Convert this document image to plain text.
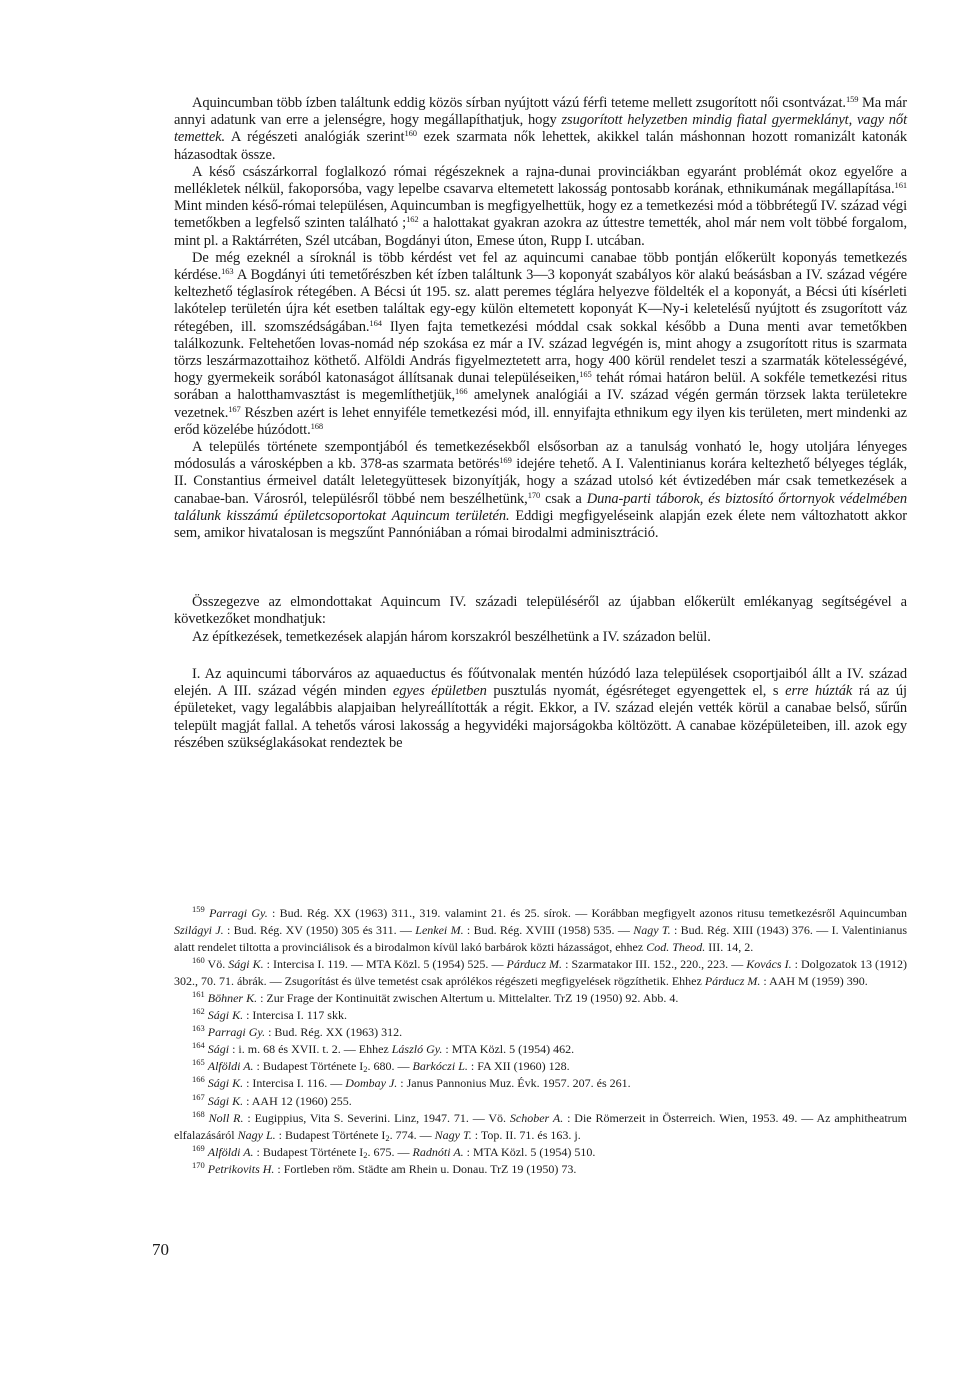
Aquincumban több ízben találtunk eddig közös sírban nyújtott vázú férfi teteme mellett zsugorított női csontvázat.$^{159}$ Ma már annyi adatunk van erre a jelenségre, hogy megállapíthatjuk, hogy zsugorított helyzetben mindig fiatal gyermeklányt, vagy nőt temettek. A régészeti analógiák szerint$^{160}$ ezek szarmata nők lehettek, akikkel talán máshonnan hozott romanizált katonák házasodtak össze.

A késő császárkorral foglalkozó római régészeknek a rajna-dunai provinciákban egyaránt problémát okoz egyelőre a mellékletek nélkül, fakoporsóba, vagy lepelbe csavarva eltemetett lakosság pontosabb korának, ethnikumának megállapítása.$^{161}$ Mint minden késő-római településen, Aquincumban is megfigyelhettük, hogy ez a temetkezési mód a többrétegű IV. század végi temetőkben a legfelső szinten található ;$^{162}$ a halottakat gyakran azokra az úttestre temették, ahol már nem volt többé forgalom, mint pl. a Raktárréten, Szél utcában, Bogdányi úton, Emese úton, Rupp I. utcában.

De még ezeknél a síroknál is több kérdést vet fel az aquincumi canabae több pontján előkerült koponyás temetkezés kérdése.$^{163}$ A Bogdányi úti temetőrészben két ízben találtunk 3—3 koponyát szabályos kör alakú beásásban a IV. század végére keltezhető téglasírok rétegében. A Bécsi út 195. sz. alatt peremes téglára helyezve földelték el a koponyát, a Bécsi úti kísérleti lakótelep területén újra két esetben találtak egy-egy külön eltemetett koponyát K—Ny-i keletelésű nyújtott és zsugorított váz rétegében, ill. szomszédságában.$^{164}$ Ilyen fajta temetkezési móddal csak sokkal később a Duna menti avar temetőkben találkozunk. Feltehetően lovas-nomád nép szokása ez már a IV. század legvégén is, mint ahogy a zsugorított ritus is szarmata törzs leszármazottaihoz köthető. Alföldi András figyelmeztetett arra, hogy 400 körül rendelet teszi a szarmaták kötelességévé, hogy gyermekeik sorából katonaságot állítsanak dunai településeiken,$^{165}$ tehát római határon belül. A sokféle temetkezési ritus sorában a halotthamvasztást is megemlíthetjük,$^{166}$ amelynek analógiái a IV. század végén germán törzsek lakta területekre vezetnek.$^{167}$ Részben azért is lehet ennyiféle temetkezési mód, ill. ennyifajta ethnikum egy ilyen kis területen, mert mindenki az erőd közelébe húzódott.$^{168}$

A település története szempontjából és temetkezésekből elsősorban az a tanulság vonható le, hogy utoljára lényeges módosulás a városképben a kb. 378-as szarmata betörés$^{169}$ idejére tehető. A I. Valentinianus korára keltezhető bélyeges téglák, II. Constantius érmeivel datált leletegyüttesek bizonyítják, hogy a század utolsó két évtizedében már csak temetkezések a canabae-ban. Városról, településről többé nem beszélhetünk,$^{170}$ csak a Duna-parti táborok, és biztosító őrtornyok védelmében találunk kisszámú épületcsoportokat Aquincum területén. Eddigi megfigyeléseink alapján ezek élete nem változhatott akkor sem, amikor hivatalosan is megszűnt Pannóniában a római birodalmi adminisztráció.

Összegezve az elmondottakat Aquincum IV. századi településéről az újabban előkerült emlékanyag segítségével a következőket mondhatjuk:

Az építkezések, temetkezések alapján három korszakról beszélhetünk a IV. századon belül.

I. Az aquincumi táborváros az aquaeductus és főútvonalak mentén húzódó laza települések csoportjaiból állt a IV. század elején. A III. század végén minden egyes épületben pusztulás nyomát, égésréteget egyengettek el, s erre húzták rá az új épületeket, vagy legalábbis alapjaiban helyreállították a régit. Ekkor, a IV. század elején vették körül a canabae belső, sűrűn települt magját fallal. A tehetős városi lakosság a hegyvidéki majorságokba költözött. A canabae középületeiben, ill. azok egy részében szükséglakásokat rendeztek be

$^{159}$ Parragi Gy. : Bud. Rég. XX (1963) 311., 319. valamint 21. és 25. sírok. — Korábban megfigyelt azonos ritusu temetkezésről Aquincumban Szilágyi J. : Bud. Rég. XV (1950) 305 és 311. — Lenkei M. : Bud. Rég. XVIII (1958) 535. — Nagy T. : Bud. Rég. XIII (1943) 376. — I. Valentinianus alatt rendelet tiltotta a provinciálisok és a birodalmon kívül lakó barbárok közti házasságot, ehhez Cod. Theod. III. 14, 2.

$^{160}$ Vö. Sági K. : Intercisa I. 119. — MTA Közl. 5 (1954) 525. — Párducz M. : Szarmatakor III. 152., 220., 223. — Kovács I. : Dolgozatok 13 (1912) 302., 70. 71. ábrák. — Zsugorítást és ülve temetést csak aprólékos régészeti megfigyelések rögzíthetik. Ehhez Párducz M. : AAH M (1959) 390.

$^{161}$ Böhner K. : Zur Frage der Kontinuität zwischen Altertum u. Mittelalter. TrZ 19 (1950) 92. Abb. 4.

$^{162}$ Sági K. : Intercisa I. 117 skk.

$^{163}$ Parragi Gy. : Bud. Rég. XX (1963) 312.

$^{164}$ Sági : i. m. 68 és XVII. t. 2. — Ehhez László Gy. : MTA Közl. 5 (1954) 462.

$^{165}$ Alföldi A. : Budapest Története $I_2$. 680. — Barkóczi L. : FA XII (1960) 128.

$^{166}$ Sági K. : Intercisa I. 116. — Dombay J. : Janus Pannonius Muz. Évk. 1957. 207. és 261.

$^{167}$ Sági K. : AAH 12 (1960) 255.

$^{168}$ Noll R. : Eugippius, Vita S. Severini. Linz, 1947. 71. — Vö. Schober A. : Die Römerzeit in Österreich. Wien, 1953. 49. — Az amphitheatrum elfalazásáról Nagy L. : Budapest Története $I_2$. 774. — Nagy T. : Top. II. 71. és 163. j.

$^{169}$ Alföldi A. : Budapest Története $I_2$. 675. — Radnóti A. : MTA Közl. 5 (1954) 510.

$^{170}$ Petrikovits H. : Fortleben röm. Städte am Rhein u. Donau. TrZ 19 (1950) 73.

70
